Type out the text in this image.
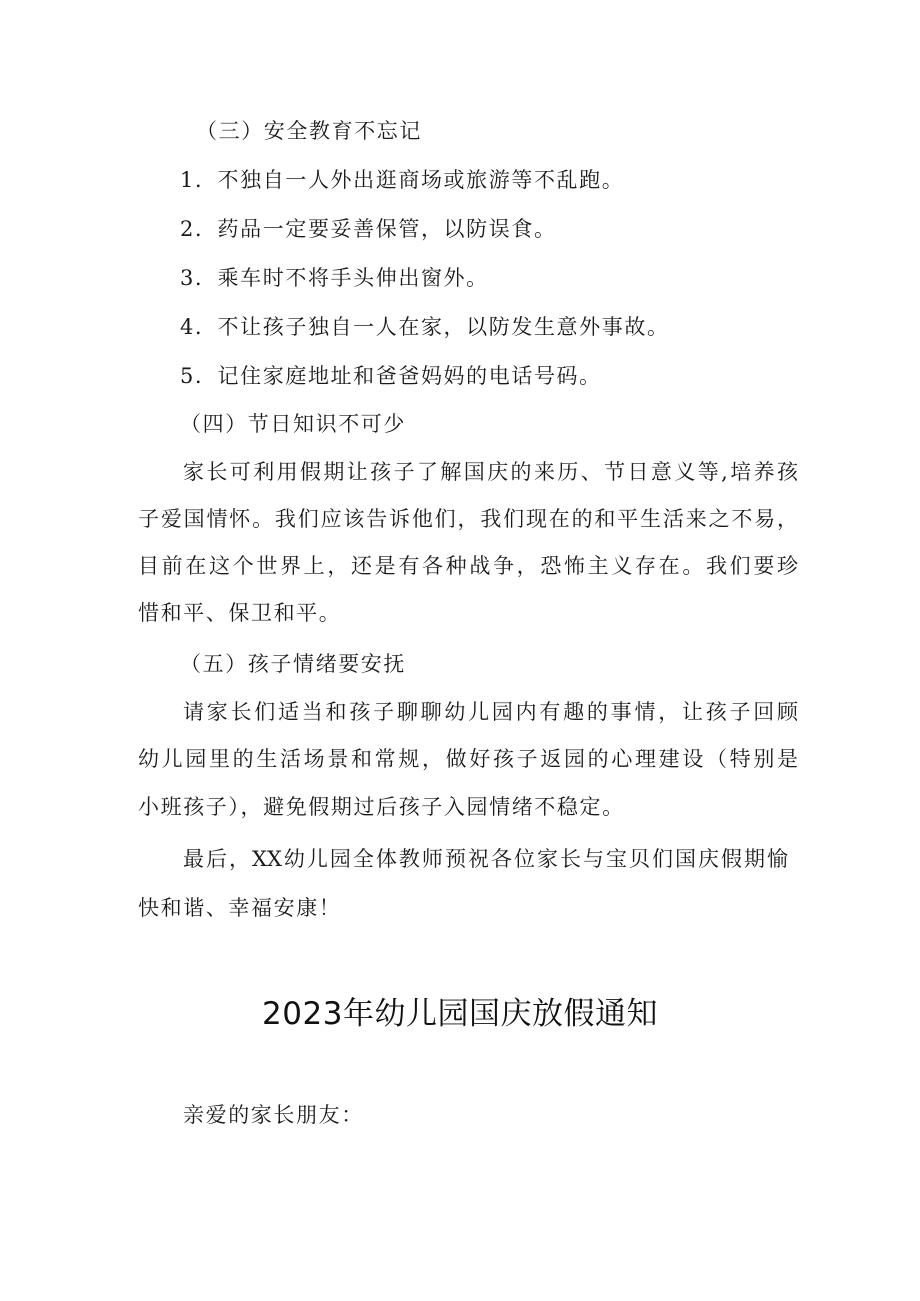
（三）安全教育不忘记
1．不独自一人外出逛商场或旅游等不乱跑。
2．药品一定要妥善保管，以防误食。
3．乘车时不将手头伸出窗外。
4．不让孩子独自一人在家，以防发生意外事故。
5．记住家庭地址和爸爸妈妈的电话号码。
（四）节日知识不可少
家长可利用假期让孩子了解国庆的来历、节日意义等,培养孩
子爱国情怀。我们应该告诉他们，我们现在的和平生活来之不易，
目前在这个世界上，还是有各种战争，恐怖主义存在。我们要珍
惜和平、保卫和平。
（五）孩子情绪要安抚
请家长们适当和孩子聊聊幼儿园内有趣的事情，让孩子回顾
幼儿园里的生活场景和常规，做好孩子返园的心理建设（特别是
小班孩子），避免假期过后孩子入园情绪不稳定。
最后，XX幼儿园全体教师预祝各位家长与宝贝们国庆假期愉
快和谐、幸福安康！
2023年幼儿园国庆放假通知
亲爱的家长朋友：
